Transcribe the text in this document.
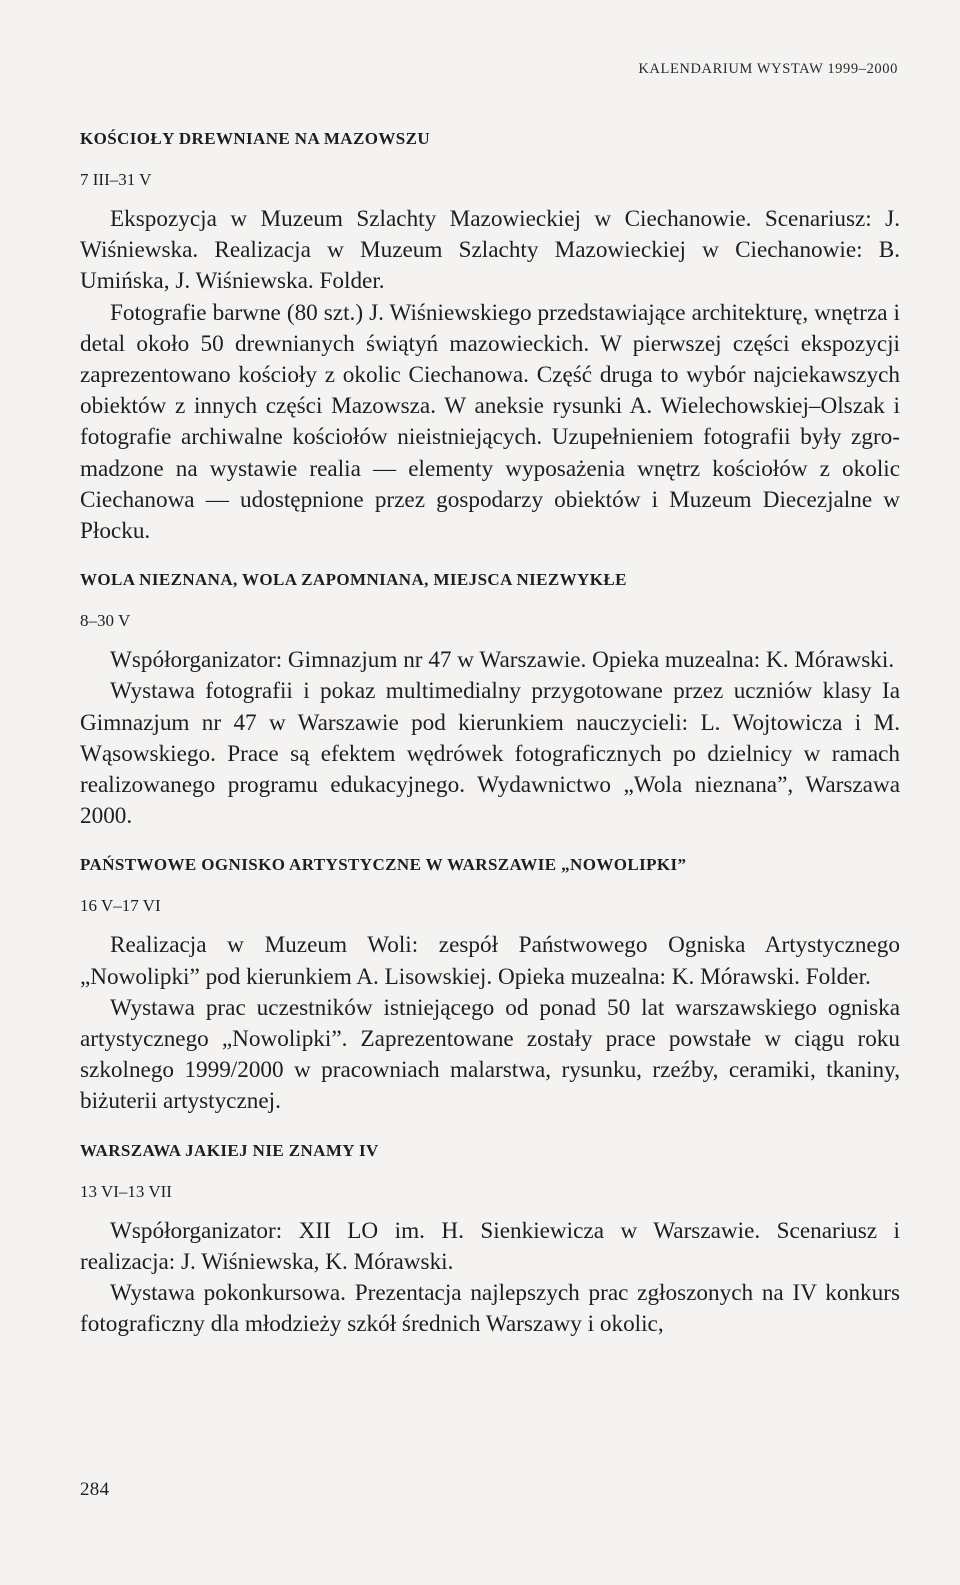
KALENDARIUM WYSTAW 1999–2000
KOŚCIOŁY DREWNIANE NA MAZOWSZU
7 III–31 V

Ekspozycja w Muzeum Szlachty Mazowieckiej w Ciechanowie. Scenariusz: J. Wiśniewska. Realizacja w Muzeum Szlachty Mazowieckiej w Ciechanowie: B. Umińska, J. Wiśniewska. Folder.

Fotografie barwne (80 szt.) J. Wiśniewskiego przedstawiające architekturę, wnętrza i detal około 50 drewnianych świątyń mazowieckich. W pierwszej części ekspozycji zaprezentowano kościoły z okolic Ciechanowa. Część druga to wybór najciekawszych obiektów z innych części Mazowsza. W aneksie rysunki A. Wielechowskiej–Olszak i fotografie archiwalne kościołów nieistniejących. Uzupełnieniem fotografii były zgromadzone na wystawie realia — elementy wyposażenia wnętrz kościołów z okolic Ciechanowa — udostępnione przez gospodarzy obiektów i Muzeum Diecezjalne w Płocku.

WOLA NIEZNANA, WOLA ZAPOMNIANA, MIEJSCA NIEZWYKŁE
8–30 V

Współorganizator: Gimnazjum nr 47 w Warszawie. Opieka muzealna: K. Mórawski.

Wystawa fotografii i pokaz multimedialny przygotowane przez uczniów klasy Ia Gimnazjum nr 47 w Warszawie pod kierunkiem nauczycieli: L. Wojtowicza i M. Wąsowskiego. Prace są efektem wędrówek fotograficznych po dzielnicy w ramach realizowanego programu edukacyjnego. Wydawnictwo „Wola nieznana”, Warszawa 2000.

PAŃSTWOWE OGNISKO ARTYSTYCZNE W WARSZAWIE „NOWOLIPKI”
16 V–17 VI

Realizacja w Muzeum Woli: zespół Państwowego Ogniska Artystycznego „Nowolipki” pod kierunkiem A. Lisowskiej. Opieka muzealna: K. Mórawski. Folder.

Wystawa prac uczestników istniejącego od ponad 50 lat warszawskiego ogniska artystycznego „Nowolipki”. Zaprezentowane zostały prace powstałe w ciągu roku szkolnego 1999/2000 w pracowniach malarstwa, rysunku, rzeźby, ceramiki, tkaniny, biżuterii artystycznej.

WARSZAWA JAKIEJ NIE ZNAMY IV
13 VI–13 VII

Współorganizator: XII LO im. H. Sienkiewicza w Warszawie. Scenariusz i realizacja: J. Wiśniewska, K. Mórawski.

Wystawa pokonkursowa. Prezentacja najlepszych prac zgłoszonych na IV konkurs fotograficzny dla młodzieży szkół średnich Warszawy i okolic,

284
